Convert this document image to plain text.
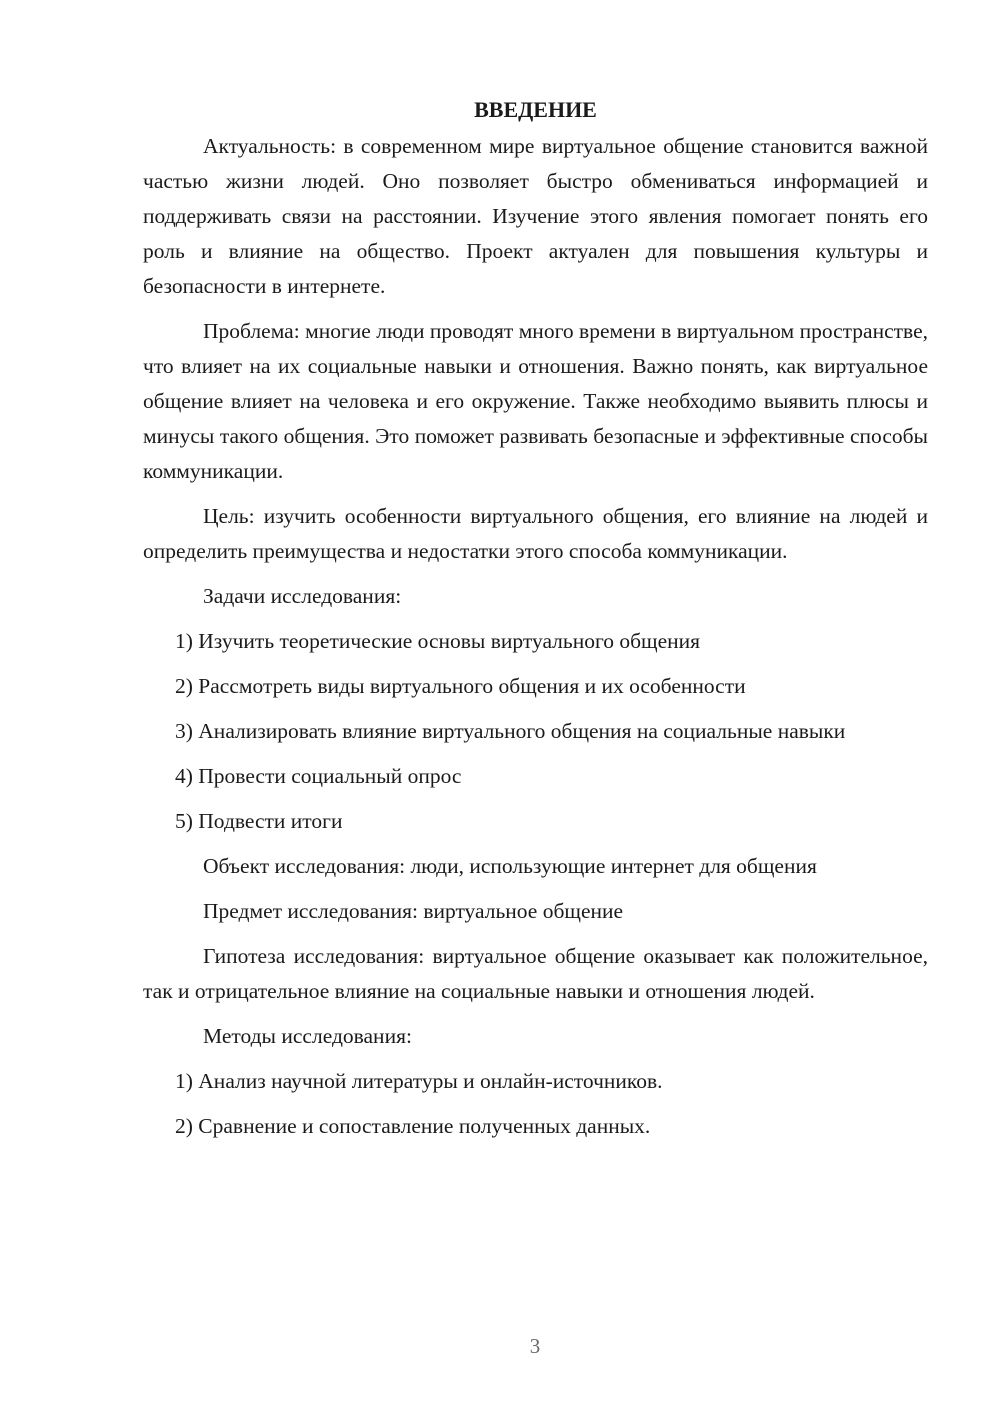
ВВЕДЕНИЕ

Актуальность: в современном мире виртуальное общение становится важной частью жизни людей. Оно позволяет быстро обмениваться информацией и поддерживать связи на расстоянии. Изучение этого явления помогает понять его роль и влияние на общество. Проект актуален для повышения культуры и безопасности в интернете.

Проблема: многие люди проводят много времени в виртуальном пространстве, что влияет на их социальные навыки и отношения. Важно понять, как виртуальное общение влияет на человека и его окружение. Также необходимо выявить плюсы и минусы такого общения. Это поможет развивать безопасные и эффективные способы коммуникации.

Цель: изучить особенности виртуального общения, его влияние на людей и определить преимущества и недостатки этого способа коммуникации.

Задачи исследования:

1) Изучить теоретические основы виртуального общения

2) Рассмотреть виды виртуального общения и их особенности

3) Анализировать влияние виртуального общения на социальные навыки

4) Провести социальный опрос

5) Подвести итоги

Объект исследования: люди, использующие интернет для общения

Предмет исследования: виртуальное общение

Гипотеза исследования: виртуальное общение оказывает как положительное, так и отрицательное влияние на социальные навыки и отношения людей.

Методы исследования:

1) Анализ научной литературы и онлайн-источников.

2) Сравнение и сопоставление полученных данных.

3
